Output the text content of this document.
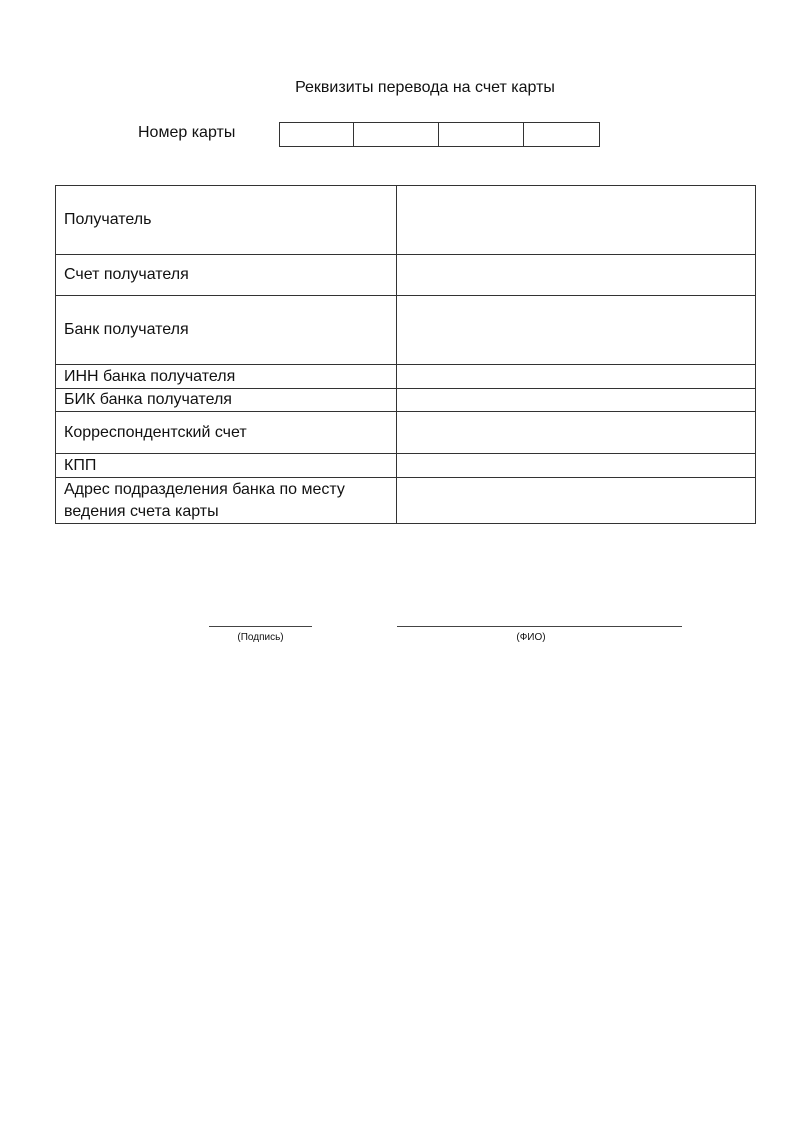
Реквизиты перевода на счет карты
Номер карты
Получатель	
Счет получателя	
Банк получателя	
ИНН банка получателя	
БИК банка получателя	
Корреспондентский счет	
КПП	
Адрес подразделения банка по месту ведения счета карты	
(Подпись)	(ФИО)
